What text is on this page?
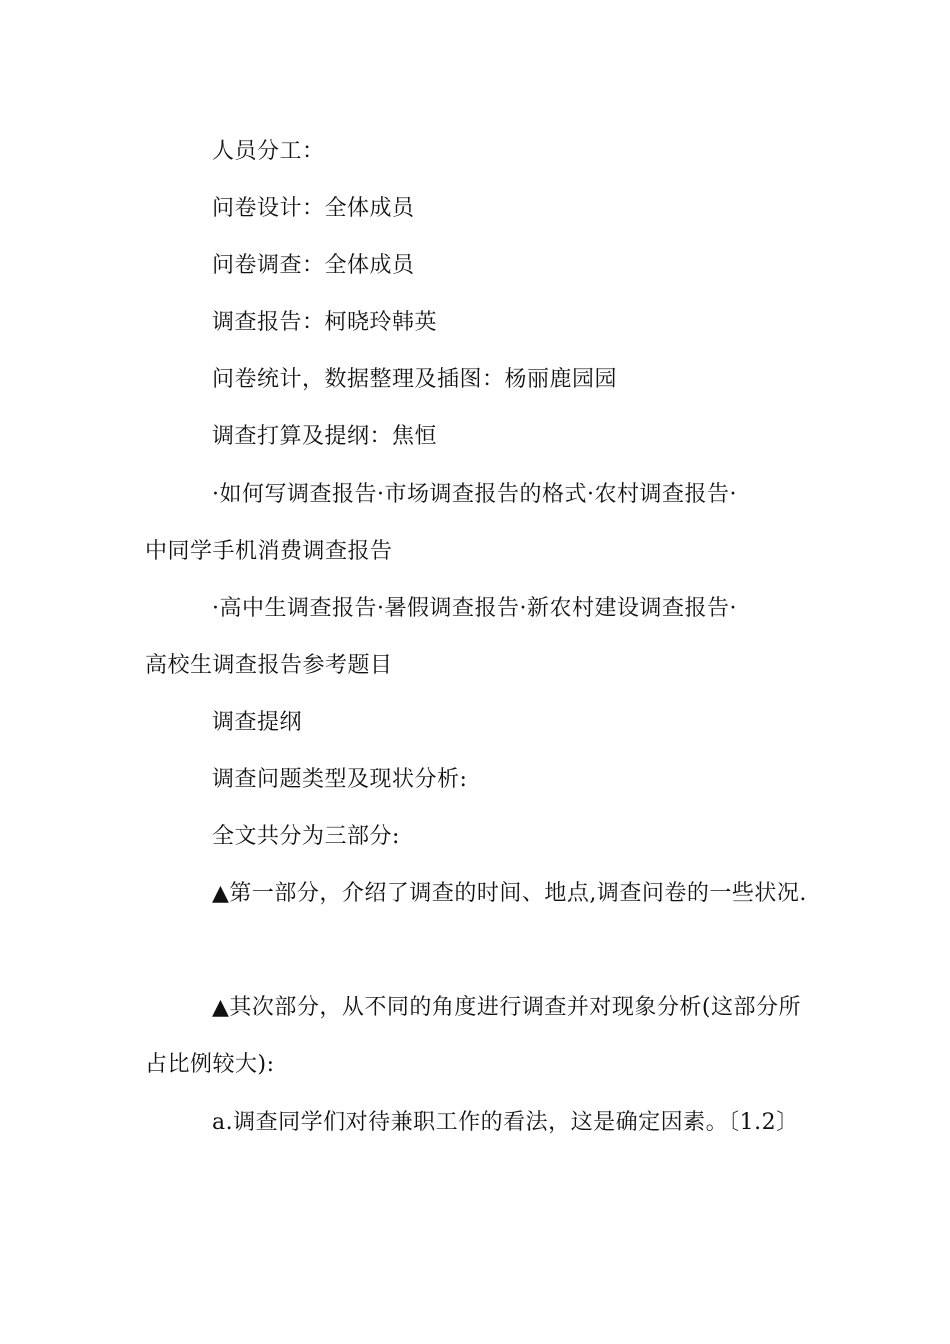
人员分工：
问卷设计：全体成员
问卷调查：全体成员
调查报告：柯晓玲韩英
问卷统计，数据整理及插图：杨丽鹿园园
调查打算及提纲：焦恒
·如何写调查报告·市场调查报告的格式·农村调查报告·
中同学手机消费调查报告
·高中生调查报告·暑假调查报告·新农村建设调查报告·
高校生调查报告参考题目
调查提纲
调查问题类型及现状分析:
全文共分为三部分:
▲第一部分，介绍了调查的时间、地点,调查问卷的一些状况.
▲其次部分，从不同的角度进行调查并对现象分析(这部分所
占比例较大):
a.调查同学们对待兼职工作的看法，这是确定因素。〔1.2〕
